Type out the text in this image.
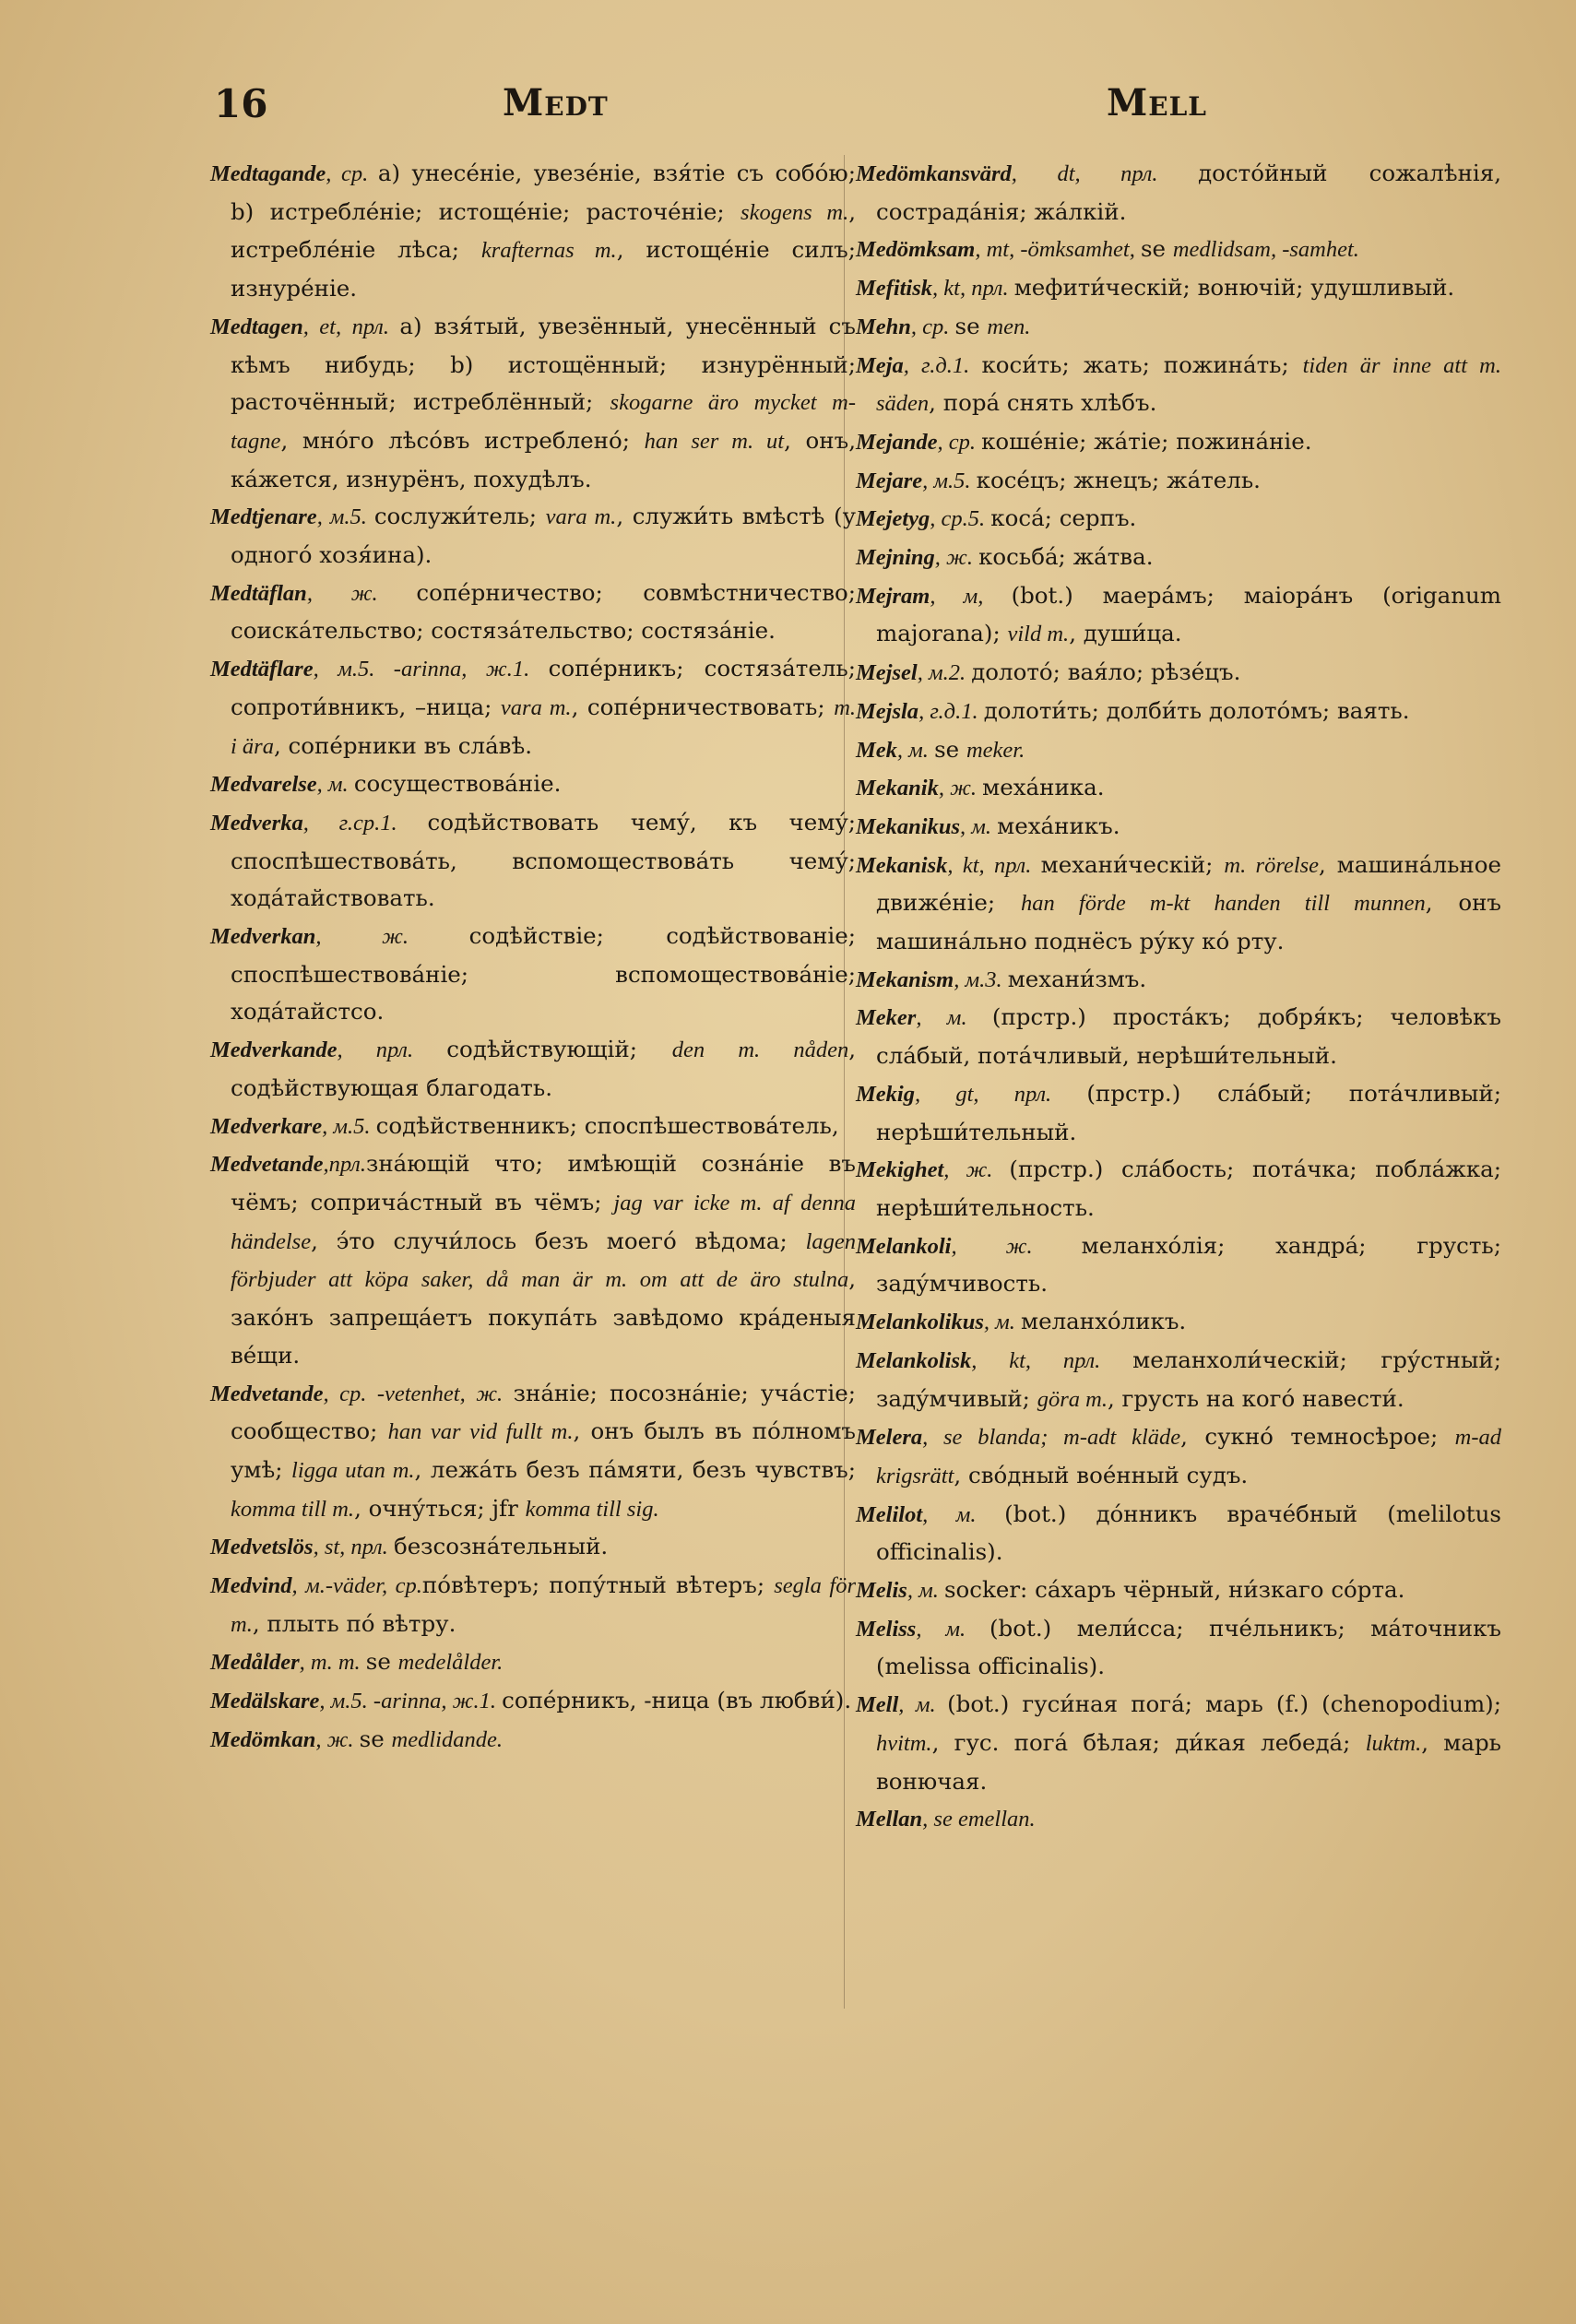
16	Medt	Mell

Medtagande, ср. а) унесéніе, увезéніе, взя́тіе съ собóю; b) истреблéніе; истощéніе; расточéніе; skogens m., истреблéніе лѣса; krafternas m., истощéніе силъ; изнурéніе.

Medtagen, et, прл. а) взя́тый, увезённый, унесённый съ кѣмъ нибудь; b) истощённый; изнурённый; расточённый; истреблённый; skogarne äro mycket m-tagne, мнóго лѣсóвъ истреблено́; han ser m. ut, онъ, кáжется, изнурёнъ, похудѣлъ.

Medtjenare, м.5. сослужи́тель; vara m., служи́ть вмѣстѣ (у одногó хозя́ина).

Medtäflan, ж. сопéрничество; совмѣстничество; соискáтельство; состязáтельство; состязáніе.

Medtäflare, м.5. -arinna, ж.1. сопéрникъ; состязáтель; сопроти́вникъ, –ница; vara m., сопéрничествовать; m. i ära, сопéрники въ слáвѣ.

Medvarelse, м. сосуществовáніе.

Medverka, г.ср.1. содѣйствовать чему́, къ чему́; споспѣшествовáть, вспомоществовáть чему́; ходáтайствовать.

Medverkan, ж. содѣйствіе; содѣйствованіе; споспѣшествовáніе; вспомоществовáніе; ходáтайстсо.

Medverkande, прл. содѣйствующій; den m. nåden, содѣйствующая благодать.

Medverkare, м.5. содѣйственникъ; споспѣшествовáтель,

Medvetande,прл.знáющій что; имѣющій сознáніе въ чёмъ; сопричáстный въ чёмъ; jag var icke m. af denna händelse, э́то случи́лось безъ моегó вѣдома; lagen förbjuder att köpa saker, då man är m. om att de äro stulna, закóнъ запрещáетъ покупáть завѣдомо крáденыя вéщи.

Medvetande, ср. -vetenhet, ж. знáніе; посознáніе; учáстіе; сообщество; han var vid fullt m., онъ былъ въ пóлномъ умѣ; ligga utan m., лежáть безъ пáмяти, безъ чувствъ; komma till m., очну́ться; jfr komma till sig.

Medvetslös, st, прл. безсознáтельный.

Medvind, м.-väder, ср.пóвѣтеръ; попу́тный вѣтеръ; segla för m., плыть пó вѣтру.

Medålder, m. m. se medelålder.

Medälskare, м.5. -arinna, ж.1. сопéрникъ, -ница (въ любви́).

Medömkan, ж. se medlidande.

Medömkansvärd, dt, прл. достóйный сожалѣнія, сострадáнія; жáлкій.

Medömksam, mt, -ömksamhet, se medlidsam, -samhet.

Mefitisk, kt, прл. мефити́ческій; вонючій; удушливый.

Mehn, ср. se men.

Meja, г.д.1. коси́ть; жать; пожинáть; tiden är inne att m. säden, порá снять хлѣбъ.

Mejande, ср. кошéніе; жáтіе; пожинáніе.

Mejare, м.5. косéцъ; жнецъ; жáтель.

Mejetyg, ср.5. косá; серпъ.

Mejning, ж. косьбá; жáтва.

Mejram, м, (bot.) маерáмъ; маіорáнъ (origanum majorana); vild m., души́ца.

Mejsel, м.2. долотó; вая́ло; рѣзéцъ.

Mejsla, г.д.1. долоти́ть; долби́ть долотóмъ; ваять.

Mek, м. se meker.

Mekanik, ж. мехáника.

Mekanikus, м. мехáникъ.

Mekanisk, kt, прл. механи́ческій; m. rörelse, машинáльное движéніе; han förde m-kt handen till munnen, онъ машинáльно поднёсъ ру́ку кó рту.

Mekanism, м.3. механи́змъ.

Meker, м. (прстр.) простáкъ; добря́къ; человѣкъ слáбый, потáчливый, нерѣши́тельный.

Mekig, gt, прл. (прстр.) слáбый; потáчливый; нерѣши́тельный.

Mekighet, ж. (прстр.) слáбость; потáчка; поблáжка; нерѣши́тельность.

Melankoli, ж. меланхóлія; хандрá; грусть; заду́мчивость.

Melankolikus, м. меланхóликъ.

Melankolisk, kt, прл. меланхоли́ческій; гру́стный; заду́мчивый; göra m., грусть на когó навести́.

Melera, se blanda; m-adt kläde, сукнó темносѣрое; m-ad krigsrätt, свóдный воéнный судъ.

Melilot, м. (bot.) дóнникъ врачéбный (melilotus officinalis).

Melis, м. socker: сáхаръ чёрный, ни́зкаго сóрта.

Meliss, м. (bot.) мели́сса; пчéльникъ; мáточникъ (melissa officinalis).

Mell, м. (bot.) гуси́ная погá; марь (f.) (chenopodium); hvitm., гус. погá бѣлая; ди́кая лебедá; luktm., марь вонючая.

Mellan, se emellan.
